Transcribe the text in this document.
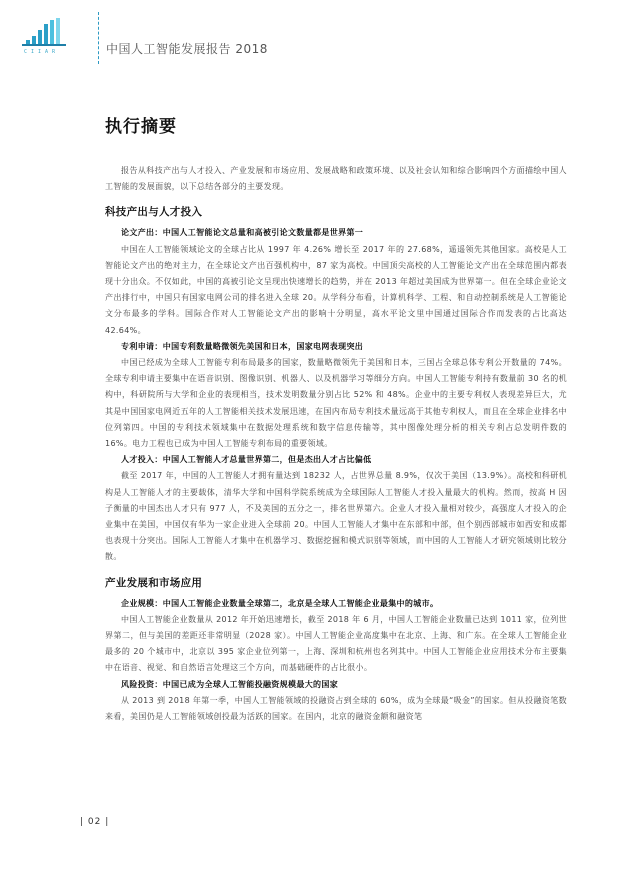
CIIAR	中国人工智能发展报告 2018
执行摘要

报告从科技产出与人才投入、产业发展和市场应用、发展战略和政策环境、以及社会认知和综合影响四个方面描绘中国人工智能的发展面貌，以下总结各部分的主要发现。

科技产出与人才投入

论文产出：中国人工智能论文总量和高被引论文数量都是世界第一

中国在人工智能领域论文的全球占比从 1997 年 4.26% 增长至 2017 年的 27.68%，遥遥领先其他国家。高校是人工智能论文产出的绝对主力，在全球论文产出百强机构中，87 家为高校。中国顶尖高校的人工智能论文产出在全球范围内都表现十分出众。不仅如此，中国的高被引论文呈现出快速增长的趋势，并在 2013 年超过美国成为世界第一。但在全球企业论文产出排行中，中国只有国家电网公司的排名进入全球 20。从学科分布看，计算机科学、工程、和自动控制系统是人工智能论文分布最多的学科。国际合作对人工智能论文产出的影响十分明显，高水平论文里中国通过国际合作而发表的占比高达 42.64%。

专利申请：中国专利数量略微领先美国和日本，国家电网表现突出

中国已经成为全球人工智能专利布局最多的国家，数量略微领先于美国和日本，三国占全球总体专利公开数量的 74%。全球专利申请主要集中在语音识别、图像识别、机器人、以及机器学习等细分方向。中国人工智能专利持有数量前 30 名的机构中，科研院所与大学和企业的表现相当，技术发明数量分别占比 52% 和 48%。企业中的主要专利权人表现差异巨大，尤其是中国国家电网近五年的人工智能相关技术发展迅速，在国内布局专利技术量远高于其他专利权人，而且在全球企业排名中位列第四。中国的专利技术领域集中在数据处理系统和数字信息传输等，其中图像处理分析的相关专利占总发明件数的 16%。电力工程也已成为中国人工智能专利布局的重要领域。

人才投入：中国人工智能人才总量世界第二，但是杰出人才占比偏低

截至 2017 年，中国的人工智能人才拥有量达到 18232 人，占世界总量 8.9%，仅次于美国（13.9%）。高校和科研机构是人工智能人才的主要载体，清华大学和中国科学院系统成为全球国际人工智能人才投入量最大的机构。然而，按高 H 因子衡量的中国杰出人才只有 977 人，不及美国的五分之一，排名世界第六。企业人才投入量相对较少，高强度人才投入的企业集中在美国，中国仅有华为一家企业进入全球前 20。中国人工智能人才集中在东部和中部，但个别西部城市如西安和成都也表现十分突出。国际人工智能人才集中在机器学习、数据挖掘和模式识别等领域，而中国的人工智能人才研究领域则比较分散。

产业发展和市场应用

企业规模：中国人工智能企业数量全球第二，北京是全球人工智能企业最集中的城市。

中国人工智能企业数量从 2012 年开始迅速增长，截至 2018 年 6 月，中国人工智能企业数量已达到 1011 家，位列世界第二，但与美国的差距还非常明显（2028 家）。中国人工智能企业高度集中在北京、上海、和广东。在全球人工智能企业最多的 20 个城市中，北京以 395 家企业位列第一，上海、深圳和杭州也名列其中。中国人工智能企业应用技术分布主要集中在语音、视觉、和自然语言处理这三个方向，而基础硬件的占比很小。

风险投资：中国已成为全球人工智能投融资规模最大的国家

从 2013 到 2018 年第一季，中国人工智能领域的投融资占到全球的 60%，成为全球最“吸金”的国家。但从投融资笔数来看，美国仍是人工智能领域创投最为活跃的国家。在国内，北京的融资金额和融资笔

| 02 |
